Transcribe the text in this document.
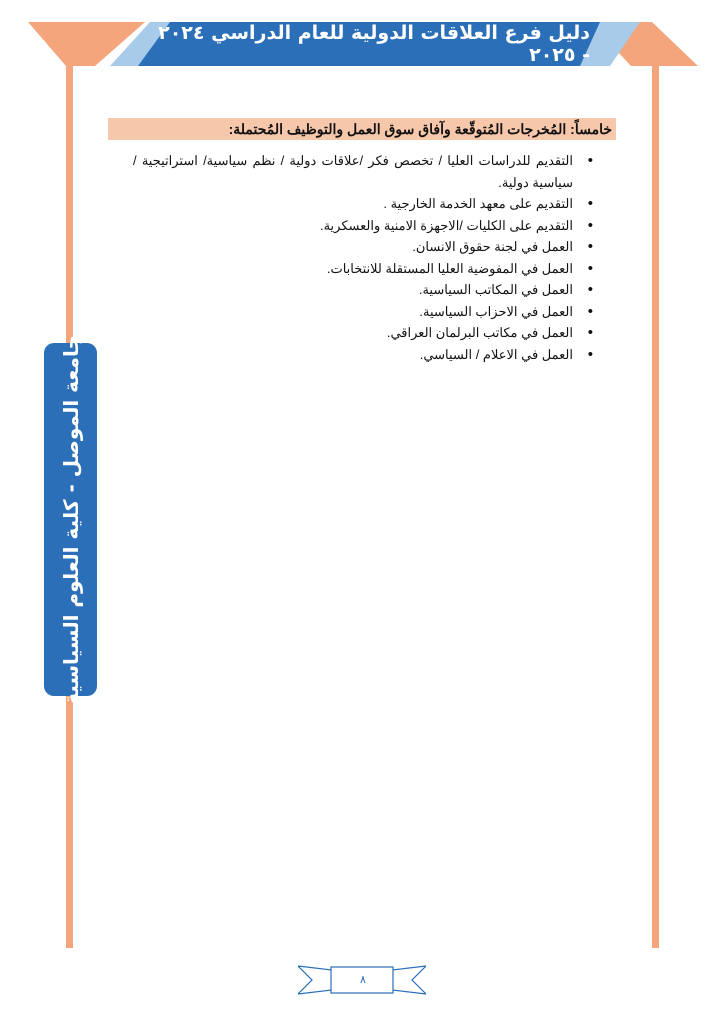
دليل فرع العلاقات الدولية للعام الدراسي ٢٠٢٤ - ٢٠٢٥
جامعة الموصل - كلية العلوم السياسية
خامساً: المُخرجات المُتوقّعة وآفاق سوق العمل والتوظيف المُحتملة:
• التقديم للدراسات العليا / تخصص فكر /علاقات دولية / نظم سياسية/ استراتيجية /سياسية دولية.
• التقديم على معهد الخدمة الخارجية .
• التقديم على الكليات /الاجهزة الامنية والعسكرية.
• العمل في لجنة حقوق الانسان.
• العمل في المفوضية العليا المستقلة للانتخابات.
• العمل في المكاتب السياسية.
• العمل في الاحزاب السياسية.
• العمل في مكاتب البرلمان العراقي.
• العمل في الاعلام / السياسي.
٨
